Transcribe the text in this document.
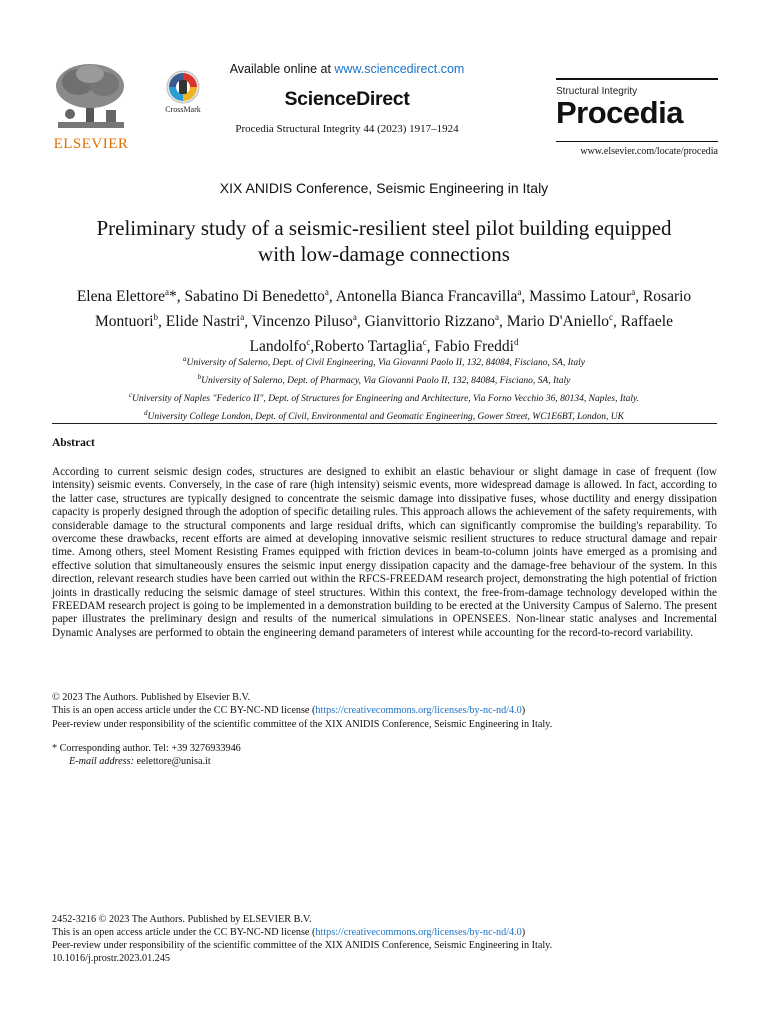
ELSEVIER
CrossMark
Available online at www.sciencedirect.com
ScienceDirect
Procedia Structural Integrity 44 (2023) 1917–1924
Structural Integrity
Procedia
www.elsevier.com/locate/procedia
XIX ANIDIS Conference, Seismic Engineering in Italy
Preliminary study of a seismic-resilient steel pilot building equipped
with low-damage connections
Elena Elettore$^a$*, Sabatino Di Benedetto$^a$, Antonella Bianca Francavilla$^a$, Massimo Latour$^a$, Rosario Montuori$^b$, Elide Nastri$^a$, Vincenzo Piluso$^a$, Gianvittorio Rizzano$^a$, Mario D'Aniello$^c$, Raffaele Landolfo$^c$,Roberto Tartaglia$^c$, Fabio Freddi$^d$
$^a$University of Salerno, Dept. of Civil Engineering, Via Giovanni Paolo II, 132, 84084, Fisciano, SA, Italy
$^b$University of Salerno, Dept. of Pharmacy, Via Giovanni Paolo II, 132, 84084, Fisciano, SA, Italy
$^c$University of Naples "Federico II", Dept. of Structures for Engineering and Architecture, Via Forno Vecchio 36, 80134, Naples, Italy.
$^d$University College London, Dept. of Civil, Environmental and Geomatic Engineering, Gower Street, WC1E6BT, London, UK
Abstract
According to current seismic design codes, structures are designed to exhibit an elastic behaviour or slight damage in case of frequent (low intensity) seismic events. Conversely, in the case of rare (high intensity) seismic events, more widespread damage is allowed. In fact, according to the latter case, structures are typically designed to concentrate the seismic damage into dissipative fuses, whose ductility and energy dissipation capacity is properly designed through the adoption of specific detailing rules. This approach allows the achievement of the safety requirements, with considerable damage to the structural components and large residual drifts, which can significantly compromise the building's reparability. To overcome these drawbacks, recent efforts are aimed at developing innovative seismic resilient structures to reduce structural damage and repair time. Among others, steel Moment Resisting Frames equipped with friction devices in beam-to-column joints have emerged as a promising and effective solution that simultaneously ensures the seismic input energy dissipation capacity and the damage-free behaviour of the system. In this direction, relevant research studies have been carried out within the RFCS-FREEDAM research project, demonstrating the high potential of friction joints in drastically reducing the seismic damage of steel structures. Within this context, the free-from-damage technology developed within the FREEDAM research project is going to be implemented in a demonstration building to be erected at the University Campus of Salerno. The present paper illustrates the preliminary design and results of the numerical simulations in OPENSEES. Non-linear static analyses and Incremental Dynamic Analyses are performed to obtain the engineering demand parameters of interest while accounting for the record-to-record variability.
© 2023 The Authors. Published by Elsevier B.V.
This is an open access article under the CC BY-NC-ND license (https://creativecommons.org/licenses/by-nc-nd/4.0)
Peer-review under responsibility of the scientific committee of the XIX ANIDIS Conference, Seismic Engineering in Italy.
* Corresponding author. Tel: +39 3276933946
E-mail address: eelettore@unisa.it
2452-3216 © 2023 The Authors. Published by ELSEVIER B.V.
This is an open access article under the CC BY-NC-ND license (https://creativecommons.org/licenses/by-nc-nd/4.0)
Peer-review under responsibility of the scientific committee of the XIX ANIDIS Conference, Seismic Engineering in Italy.
10.1016/j.prostr.2023.01.245
